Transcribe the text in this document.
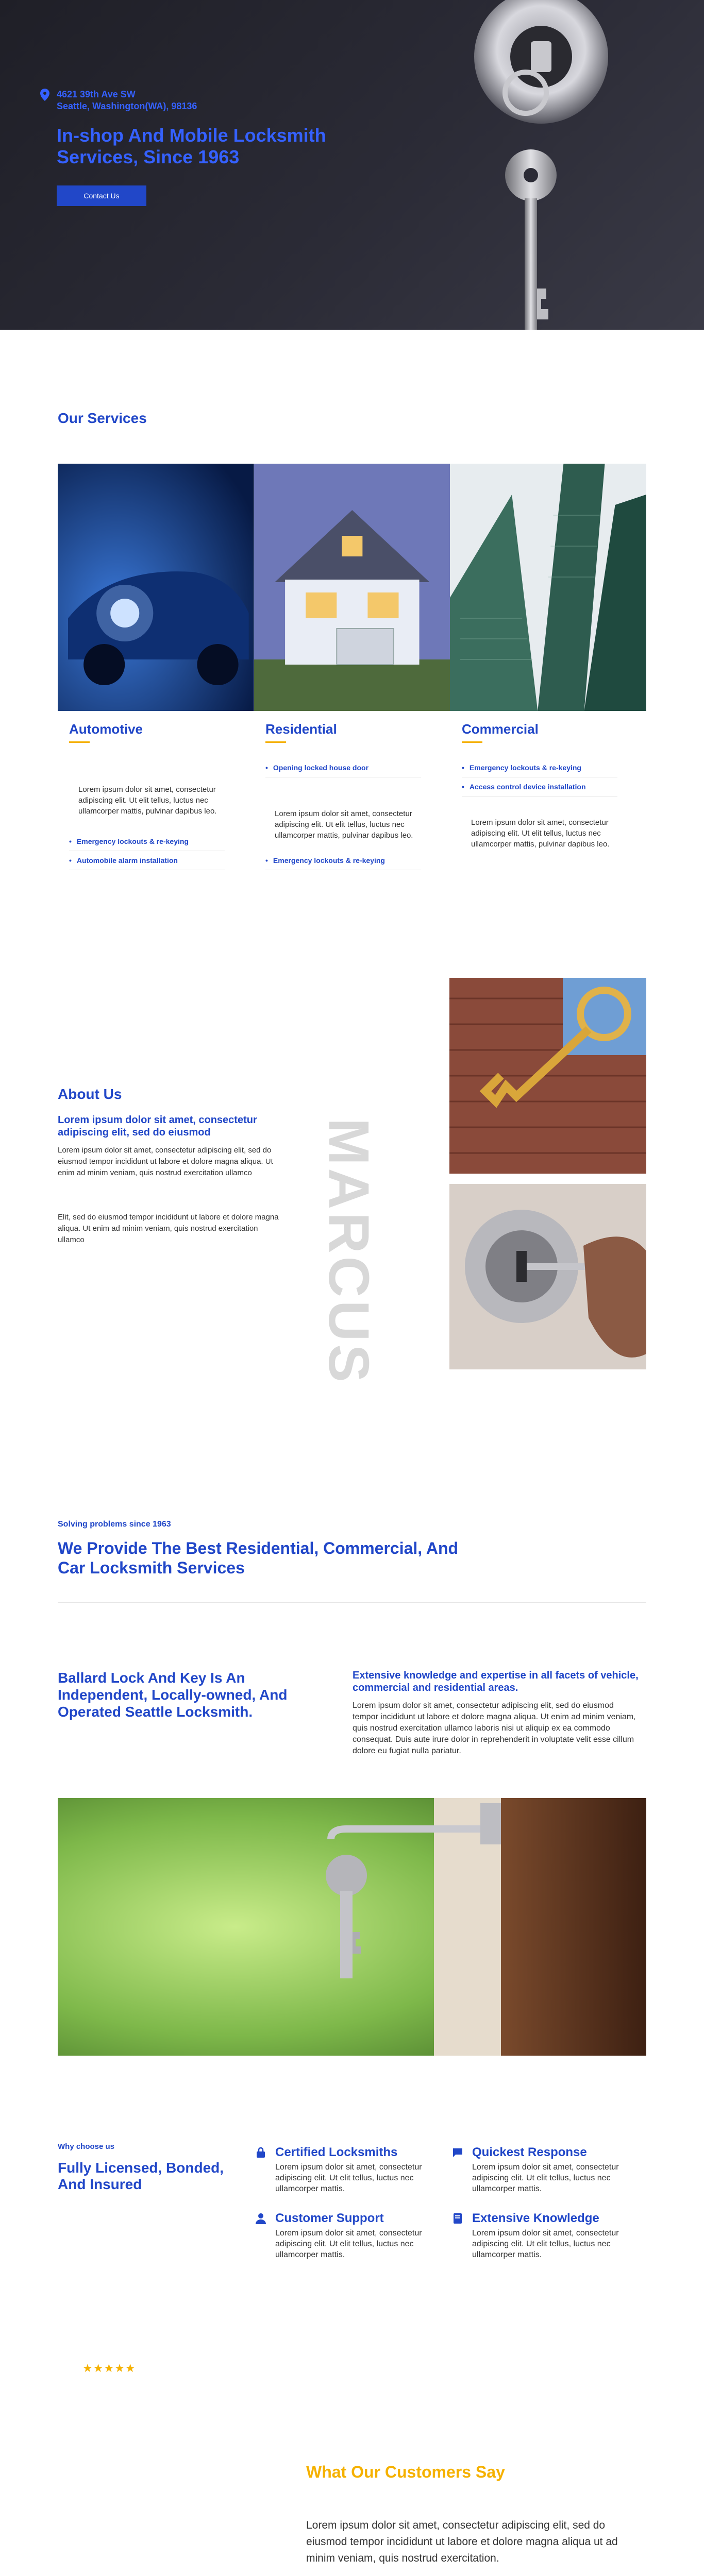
4621 39th Ave SW
Seattle, Washington(WA), 98136
In-shop And Mobile Locksmith Services, Since 1963
Contact Us
Our Services
Automotive

Lorem ipsum dolor sit amet, consectetur adipiscing elit. Ut elit tellus, luctus nec ullamcorper mattis, pulvinar dapibus leo.

• Emergency lockouts & re-keying
• Automobile alarm installation
Residential
• Opening locked house door

Lorem ipsum dolor sit amet, consectetur adipiscing elit. Ut elit tellus, luctus nec ullamcorper mattis, pulvinar dapibus leo.

• Emergency lockouts & re-keying
Commercial
• Emergency lockouts & re-keying
• Access control device installation

Lorem ipsum dolor sit amet, consectetur adipiscing elit. Ut elit tellus, luctus nec ullamcorper mattis, pulvinar dapibus leo.

About Us
Lorem ipsum dolor sit amet, consectetur adipiscing elit, sed do eiusmod

Lorem ipsum dolor sit amet, consectetur adipiscing elit, sed do eiusmod tempor incididunt ut labore et dolore magna aliqua. Ut enim ad minim veniam, quis nostrud exercitation ullamco

Elit, sed do eiusmod tempor incididunt ut labore et dolore magna aliqua. Ut enim ad minim veniam, quis nostrud exercitation ullamco	MARCUS
Solving problems since 1963
We Provide The Best Residential, Commercial, And Car Locksmith Services
Ballard Lock And Key Is An Independent, Locally-owned, And Operated Seattle Locksmith.
Extensive knowledge and expertise in all facets of vehicle, commercial and residential areas.

Lorem ipsum dolor sit amet, consectetur adipiscing elit, sed do eiusmod tempor incididunt ut labore et dolore magna aliqua. Ut enim ad minim veniam, quis nostrud exercitation ullamco laboris nisi ut aliquip ex ea commodo consequat. Duis aute irure dolor in reprehenderit in voluptate velit esse cillum dolore eu fugiat nulla pariatur.

Why choose us
Fully Licensed, Bonded, And Insured
Certified Locksmiths

Lorem ipsum dolor sit amet, consectetur adipiscing elit. Ut elit tellus, luctus nec ullamcorper mattis.

Quickest Response

Lorem ipsum dolor sit amet, consectetur adipiscing elit. Ut elit tellus, luctus nec ullamcorper mattis.

Customer Support

Lorem ipsum dolor sit amet, consectetur adipiscing elit. Ut elit tellus, luctus nec ullamcorper mattis.

Extensive Knowledge

Lorem ipsum dolor sit amet, consectetur adipiscing elit. Ut elit tellus, luctus nec ullamcorper mattis.

★★★★★
What Our Customers Say

Lorem ipsum dolor sit amet, consectetur adipiscing elit, sed do eiusmod tempor incididunt ut labore et dolore magna aliqua ut ad minim veniam, quis nostrud exercitation.
